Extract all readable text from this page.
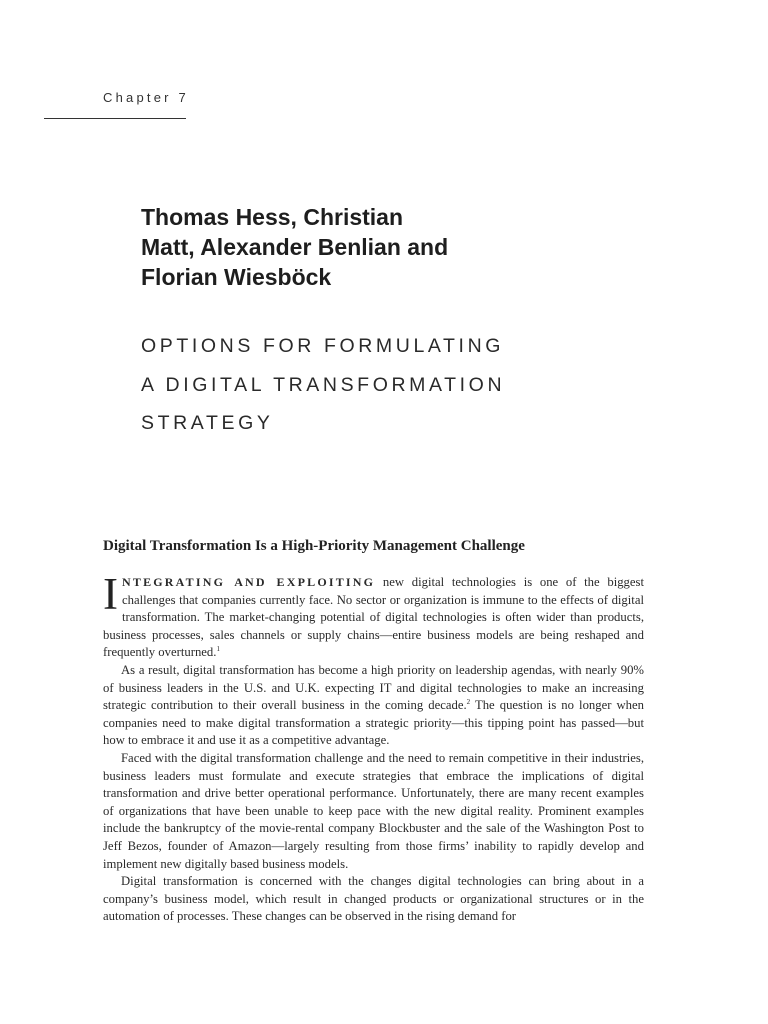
Chapter 7
Thomas Hess, Christian
Matt, Alexander Benlian and
Florian Wiesböck
OPTIONS FOR FORMULATING
A DIGITAL TRANSFORMATION
STRATEGY
Digital Transformation Is a High-Priority Management Challenge

INTEGRATING AND EXPLOITING new digital technologies is one of the biggest challenges that companies currently face. No sector or organization is immune to the effects of digital transformation. The market-changing potential of digital technologies is often wider than products, business processes, sales channels or supply chains—entire business models are being reshaped and frequently overturned.$^1$

As a result, digital transformation has become a high priority on leadership agendas, with nearly 90% of business leaders in the U.S. and U.K. expecting IT and digital technologies to make an increasing strategic contribution to their overall business in the coming decade.$^2$ The question is no longer when companies need to make digital transformation a strategic priority—this tipping point has passed—but how to embrace it and use it as a competitive advantage.

Faced with the digital transformation challenge and the need to remain competitive in their industries, business leaders must formulate and execute strategies that embrace the implications of digital transformation and drive better operational performance. Unfortunately, there are many recent examples of organizations that have been unable to keep pace with the new digital reality. Prominent examples include the bankruptcy of the movie-rental company Blockbuster and the sale of the Washington Post to Jeff Bezos, founder of Amazon—largely resulting from those firms’ inability to rapidly develop and implement new digitally based business models.

Digital transformation is concerned with the changes digital technologies can bring about in a company’s business model, which result in changed products or organizational structures or in the automation of processes. These changes can be observed in the rising demand for
